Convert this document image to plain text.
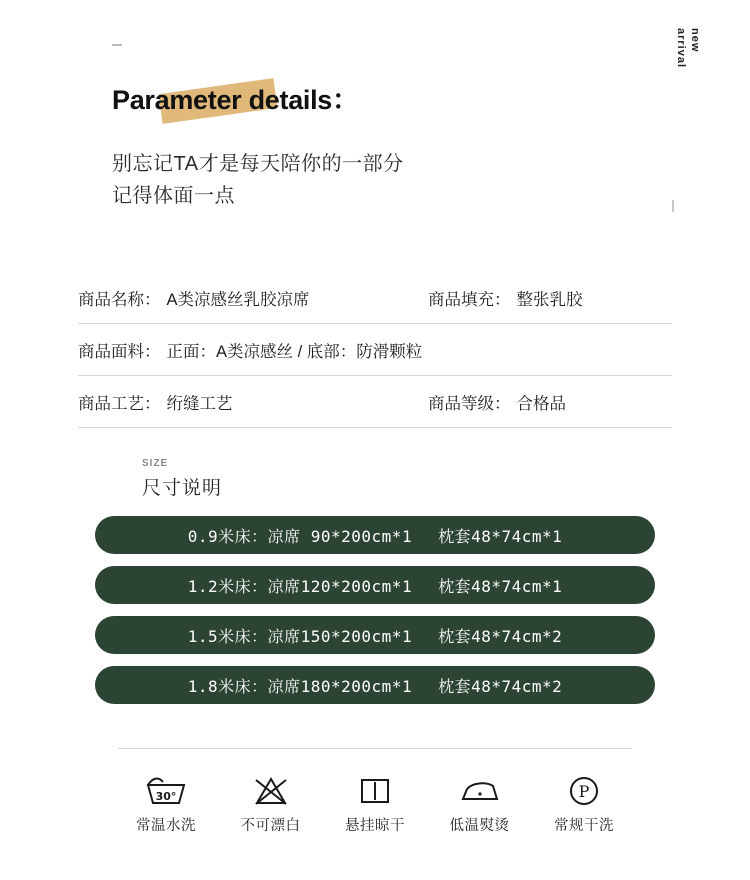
new
arrival
Parameter details：
别忘记TA才是每天陪你的一部分
记得体面一点
商品名称： A类凉感丝乳胶凉席	商品填充： 整张乳胶
商品面料： 正面：A类凉感丝 / 底部：防滑颗粒
商品工艺： 绗缝工艺	商品等级： 合格品
SIZE
尺寸说明
0.9米床： 凉席 90*200cm*1 枕套48*74cm*1
1.2米床： 凉席120*200cm*1 枕套48*74cm*1
1.5米床： 凉席150*200cm*1 枕套48*74cm*2
1.8米床： 凉席180*200cm*1 枕套48*74cm*2
30°
常温水洗	不可漂白	悬挂晾干	低温熨烫
P
常规干洗
